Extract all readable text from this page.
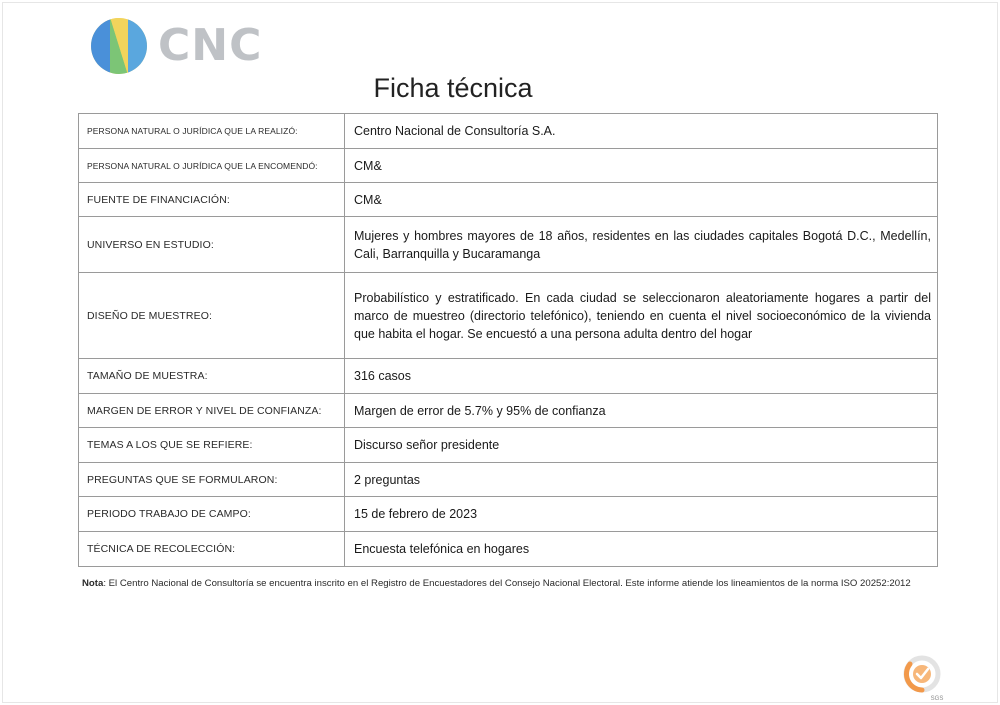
CNC
Ficha técnica
PERSONA NATURAL O JURÍDICA QUE LA REALIZÓ:	Centro Nacional de Consultoría S.A.
PERSONA NATURAL O JURÍDICA QUE LA ENCOMENDÓ:	CM&
FUENTE DE FINANCIACIÓN:	CM&
UNIVERSO EN ESTUDIO:	Mujeres y hombres mayores de 18 años, residentes en las ciudades capitales Bogotá D.C., Medellín, Cali, Barranquilla y Bucaramanga
DISEÑO DE MUESTREO:	Probabilístico y estratificado. En cada ciudad se seleccionaron aleatoriamente hogares a partir del marco de muestreo (directorio telefónico), teniendo en cuenta el nivel socioeconómico de la vivienda que habita el hogar. Se encuestó a una persona adulta dentro del hogar
TAMAÑO DE MUESTRA:	316 casos
MARGEN DE ERROR Y NIVEL DE CONFIANZA:	Margen de error de 5.7% y 95% de confianza
TEMAS A LOS QUE SE REFIERE:	Discurso señor presidente
PREGUNTAS QUE SE FORMULARON:	2 preguntas
PERIODO TRABAJO DE CAMPO:	15 de febrero de 2023
TÉCNICA DE RECOLECCIÓN:	Encuesta telefónica en hogares
Nota: El Centro Nacional de Consultoría se encuentra inscrito en el Registro de Encuestadores del Consejo Nacional Electoral. Este informe atiende los lineamientos de la norma ISO 20252:2012
SGS
